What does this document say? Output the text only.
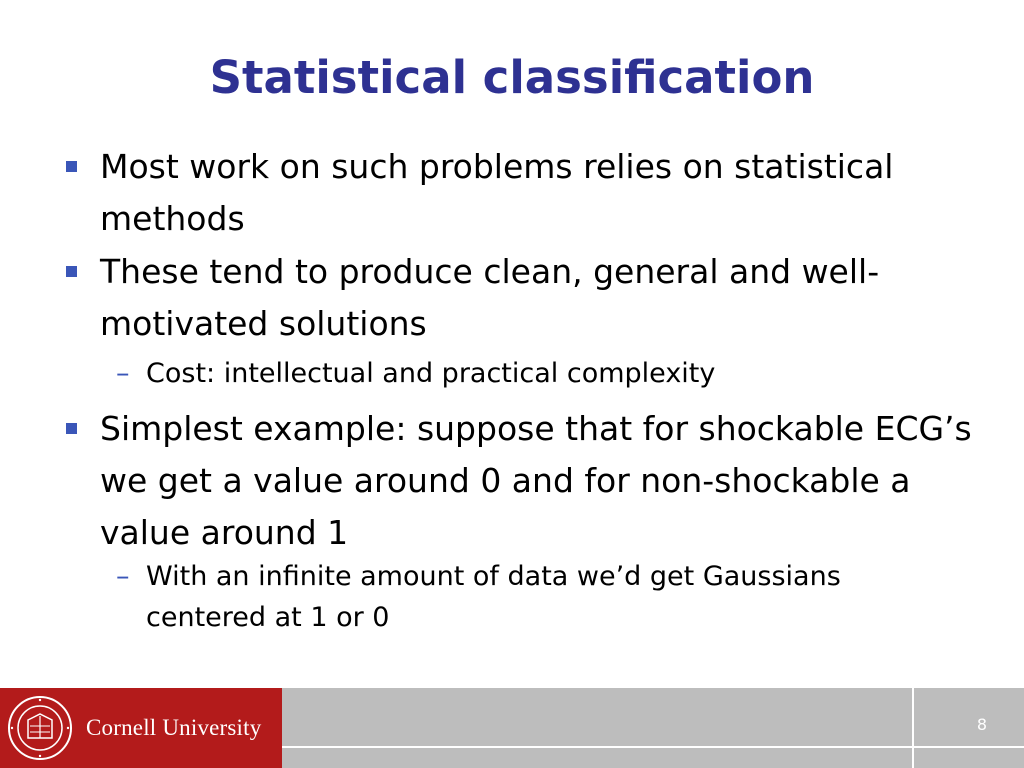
Statistical classification
Most work on such problems relies on statistical methods
These tend to produce clean, general and well-motivated solutions
– Cost: intellectual and practical complexity
Simplest example: suppose that for shockable ECG’s we get a value around 0 and for non-shockable a value around 1
– With an infinite amount of data we’d get Gaussians centered at 1 or 0
Cornell University	8
